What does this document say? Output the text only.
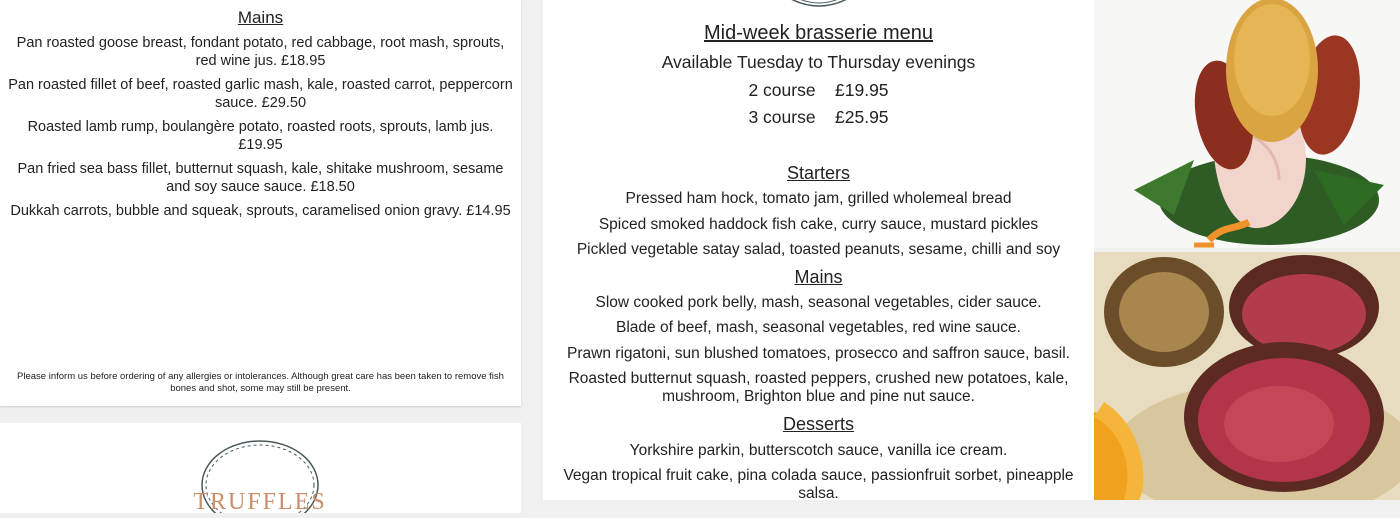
Mains

Pan roasted goose breast, fondant potato, red cabbage, root mash, sprouts, red wine jus. £18.95

Pan roasted fillet of beef, roasted garlic mash, kale, roasted carrot, peppercorn sauce. £29.50

Roasted lamb rump, boulangère potato, roasted roots, sprouts, lamb jus. £19.95

Pan fried sea bass fillet, butternut squash, kale, shitake mushroom, sesame and soy sauce sauce. £18.50

Dukkah carrots, bubble and squeak, sprouts, caramelised onion gravy. £14.95

Please inform us before ordering of any allergies or intolerances. Although great care has been taken to remove fish bones and shot, some may still be present.

TRUFFLES

Mid-week brasserie menu

Available Tuesday to Thursday evenings

2 course    £19.95

3 course    £25.95

Starters

Pressed ham hock, tomato jam, grilled wholemeal bread

Spiced smoked haddock fish cake, curry sauce, mustard pickles

Pickled vegetable satay salad, toasted peanuts, sesame, chilli and soy

Mains

Slow cooked pork belly, mash, seasonal vegetables, cider sauce.

Blade of beef, mash, seasonal vegetables, red wine sauce.

Prawn rigatoni, sun blushed tomatoes, prosecco and saffron sauce, basil.

Roasted butternut squash, roasted peppers, crushed new potatoes, kale, mushroom, Brighton blue and pine nut sauce.

Desserts

Yorkshire parkin, butterscotch sauce, vanilla ice cream.

Vegan tropical fruit cake, pina colada sauce, passionfruit sorbet, pineapple salsa.
